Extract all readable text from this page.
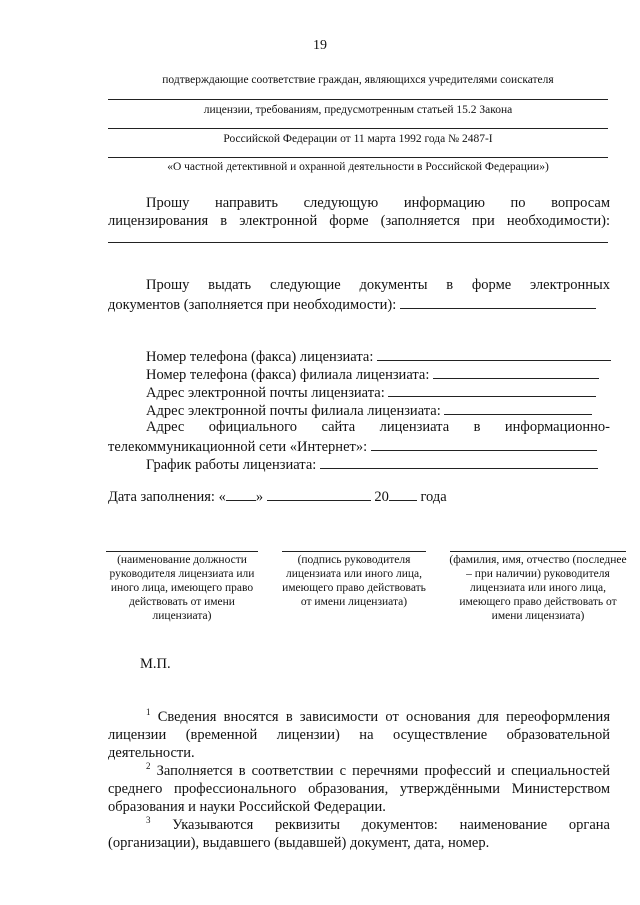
19
подтверждающие соответствие граждан, являющихся учредителями соискателя
лицензии, требованиям, предусмотренным статьей 15.2 Закона
Российской Федерации от 11 марта 1992 года № 2487-I
«О частной детективной и охранной деятельности в Российской Федерации»)
Прошу направить следующую информацию по вопросам
лицензирования в электронной форме (заполняется при необходимости):
Прошу выдать следующие документы в форме электронных
документов (заполняется при необходимости):
Номер телефона (факса) лицензиата:
Номер телефона (факса) филиала лицензиата:
Адрес электронной почты лицензиата:
Адрес электронной почты филиала лицензиата:
Адрес официального сайта лицензиата в информационно-
телекоммуникационной сети «Интернет»:
График работы лицензиата:
Дата заполнения: « »	20 года
(наименование должности руководителя лицензиата или иного лица, имеющего право действовать от имени лицензиата)
(подпись руководителя лицензиата или иного лица, имеющего право действовать от имени лицензиата)
(фамилия, имя, отчество (последнее – при наличии) руководителя лицензиата или иного лица, имеющего право действовать от имени лицензиата)
М.П.
$^1$ Сведения вносятся в зависимости от основания для переоформления лицензии (временной лицензии) на осуществление образовательной деятельности.
$^2$ Заполняется в соответствии с перечнями профессий и специальностей среднего профессионального образования, утверждёнными Министерством образования и науки Российской Федерации.
$^3$ Указываются реквизиты документов: наименование органа (организации), выдавшего (выдавшей) документ, дата, номер.
